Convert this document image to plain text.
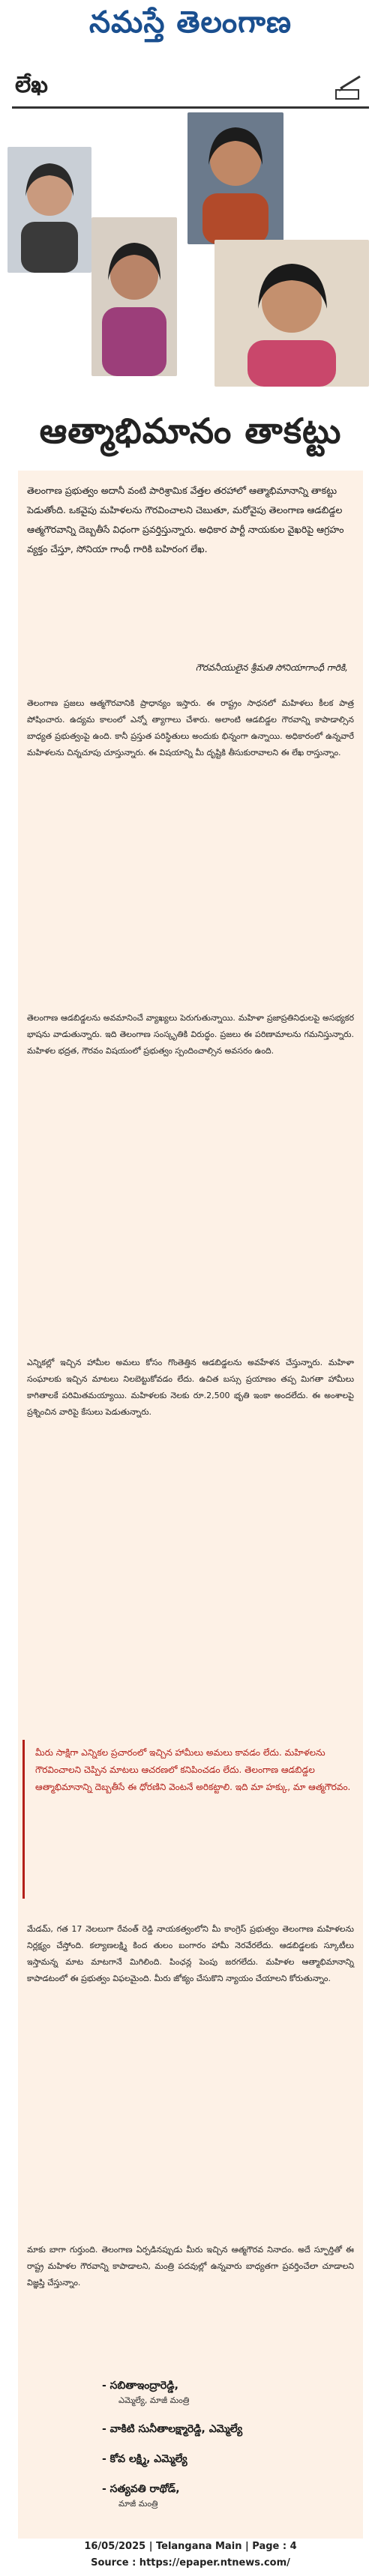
నమస్తే తెలంగాణ
లేఖ
ఆత్మాభిమానం తాకట్టు
తెలంగాణ ప్రభుత్వం అదానీ వంటి పారిశ్రామిక వేత్తల తరహాలో ఆత్మాభిమానాన్ని తాకట్టు పెడుతోంది. ఒకవైపు మహిళలను గౌరవించాలని చెబుతూ, మరోవైపు తెలంగాణ ఆడబిడ్డల ఆత్మగౌరవాన్ని దెబ్బతీసే విధంగా ప్రవర్తిస్తున్నారు. అధికార పార్టీ నాయకుల వైఖరిపై ఆగ్రహం వ్యక్తం చేస్తూ, సోనియా గాంధీ గారికి బహిరంగ లేఖ.
గౌరవనీయులైన శ్రీమతి సోనియాగాంధీ గారికి,
తెలంగాణ ప్రజలు ఆత్మగౌరవానికి ప్రాధాన్యం ఇస్తారు. ఈ రాష్ట్రం సాధనలో మహిళలు కీలక పాత్ర పోషించారు. ఉద్యమ కాలంలో ఎన్నో త్యాగాలు చేశారు. అలాంటి ఆడబిడ్డల గౌరవాన్ని కాపాడాల్సిన బాధ్యత ప్రభుత్వంపై ఉంది. కానీ ప్రస్తుత పరిస్థితులు అందుకు భిన్నంగా ఉన్నాయి. అధికారంలో ఉన్నవారే మహిళలను చిన్నచూపు చూస్తున్నారు. ఈ విషయాన్ని మీ దృష్టికి తీసుకురావాలని ఈ లేఖ రాస్తున్నాం.
తెలంగాణ ఆడబిడ్డలను అవమానించే వ్యాఖ్యలు పెరుగుతున్నాయి. మహిళా ప్రజాప్రతినిధులపై అసభ్యకర భాషను వాడుతున్నారు. ఇది తెలంగాణ సంస్కృతికి విరుద్ధం. ప్రజలు ఈ పరిణామాలను గమనిస్తున్నారు. మహిళల భద్రత, గౌరవం విషయంలో ప్రభుత్వం స్పందించాల్సిన అవసరం ఉంది.
ఎన్నికల్లో ఇచ్చిన హామీల అమలు కోసం గొంతెత్తిన ఆడబిడ్డలను అవహేళన చేస్తున్నారు. మహిళా సంఘాలకు ఇచ్చిన మాటలు నిలబెట్టుకోవడం లేదు. ఉచిత బస్సు ప్రయాణం తప్ప మిగతా హామీలు కాగితాలకే పరిమితమయ్యాయి. మహిళలకు నెలకు రూ.2,500 భృతి ఇంకా అందలేదు. ఈ అంశాలపై ప్రశ్నించిన వారిపై కేసులు పెడుతున్నారు.
మీరు సాక్షిగా ఎన్నికల ప్రచారంలో ఇచ్చిన హామీలు అమలు కావడం లేదు. మహిళలను గౌరవించాలని చెప్పిన మాటలు ఆచరణలో కనిపించడం లేదు. తెలంగాణ ఆడబిడ్డల ఆత్మాభిమానాన్ని దెబ్బతీసే ఈ ధోరణిని వెంటనే అరికట్టాలి. ఇది మా హక్కు, మా ఆత్మగౌరవం.
మేడమ్, గత 17 నెలలుగా రేవంత్ రెడ్డి నాయకత్వంలోని మీ కాంగ్రెస్ ప్రభుత్వం తెలంగాణ మహిళలను నిర్లక్ష్యం చేస్తోంది. కల్యాణలక్ష్మి కింద తులం బంగారం హామీ నెరవేరలేదు. ఆడబిడ్డలకు స్కూటీలు ఇస్తామన్న మాట మాటగానే మిగిలింది. పింఛన్ల పెంపు జరగలేదు. మహిళల ఆత్మాభిమానాన్ని కాపాడటంలో ఈ ప్రభుత్వం విఫలమైంది. మీరు జోక్యం చేసుకొని న్యాయం చేయాలని కోరుతున్నాం.
మాకు బాగా గుర్తుంది. తెలంగాణ ఏర్పడినప్పుడు మీరు ఇచ్చిన ఆత్మగౌరవ నినాదం. అదే స్ఫూర్తితో ఈ రాష్ట్ర మహిళల గౌరవాన్ని కాపాడాలని, మంత్రి పదవుల్లో ఉన్నవారు బాధ్యతగా ప్రవర్తించేలా చూడాలని విజ్ఞప్తి చేస్తున్నాం.
- సబితాఇంద్రారెడ్డి,
ఎమ్మెల్యే, మాజీ మంత్రి
- వాకిటి సునీతాలక్ష్మారెడ్డి, ఎమ్మెల్యే
- కోవ లక్ష్మి, ఎమ్మెల్యే
- సత్యవతి రాథోడ్,
మాజీ మంత్రి
16/05/2025 | Telangana Main | Page : 4
Source : https://epaper.ntnews.com/
